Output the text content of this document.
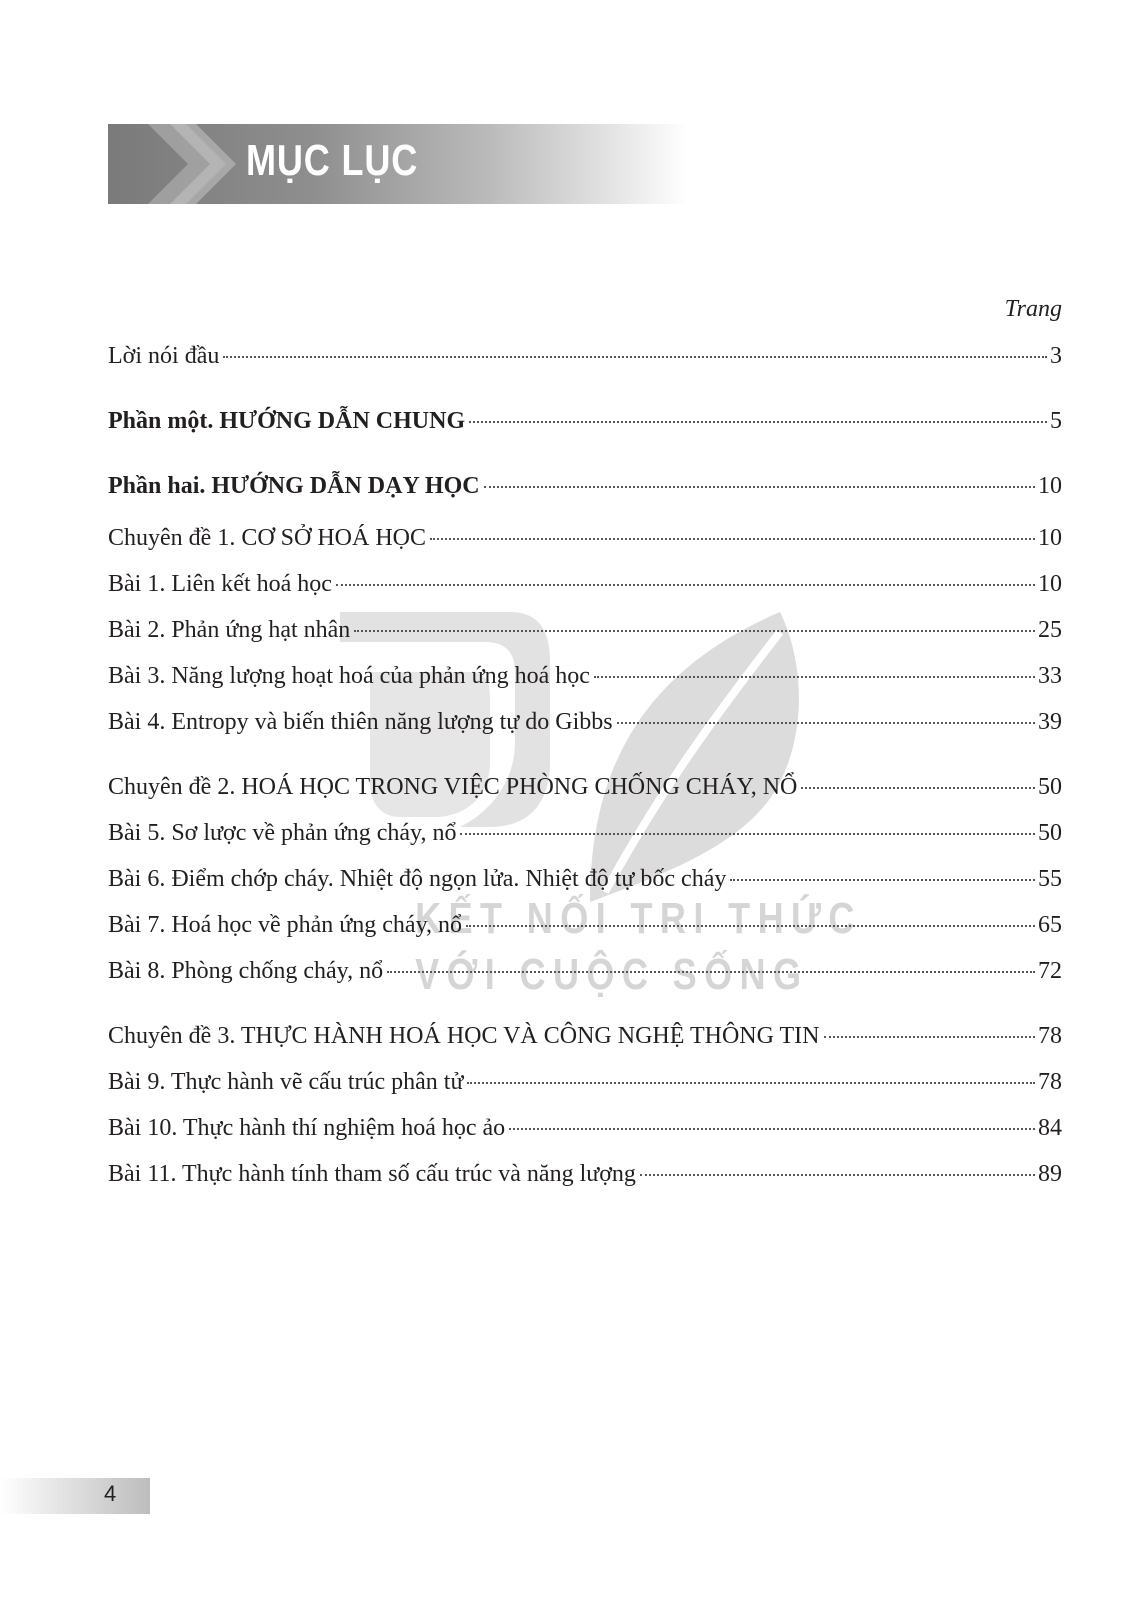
MỤC LỤC
KẾT NỐI TRI THỨC
VỚI CUỘC SỐNG
Trang
Lời nói đầu	3
Phần một. HƯỚNG DẪN CHUNG	5
Phần hai. HƯỚNG DẪN DẠY HỌC	10
Chuyên đề 1. CƠ SỞ HOÁ HỌC	10
Bài 1. Liên kết hoá học	10
Bài 2. Phản ứng hạt nhân	25
Bài 3. Năng lượng hoạt hoá của phản ứng hoá học	33
Bài 4. Entropy và biến thiên năng lượng tự do Gibbs	39
Chuyên đề 2. HOÁ HỌC TRONG VIỆC PHÒNG CHỐNG CHÁY, NỔ	50
Bài 5. Sơ lược về phản ứng cháy, nổ	50
Bài 6. Điểm chớp cháy. Nhiệt độ ngọn lửa. Nhiệt độ tự bốc cháy	55
Bài 7. Hoá học về phản ứng cháy, nổ	65
Bài 8. Phòng chống cháy, nổ	72
Chuyên đề 3. THỰC HÀNH HOÁ HỌC VÀ CÔNG NGHỆ THÔNG TIN	78
Bài 9. Thực hành vẽ cấu trúc phân tử	78
Bài 10. Thực hành thí nghiệm hoá học ảo	84
Bài 11. Thực hành tính tham số cấu trúc và năng lượng	89
4
